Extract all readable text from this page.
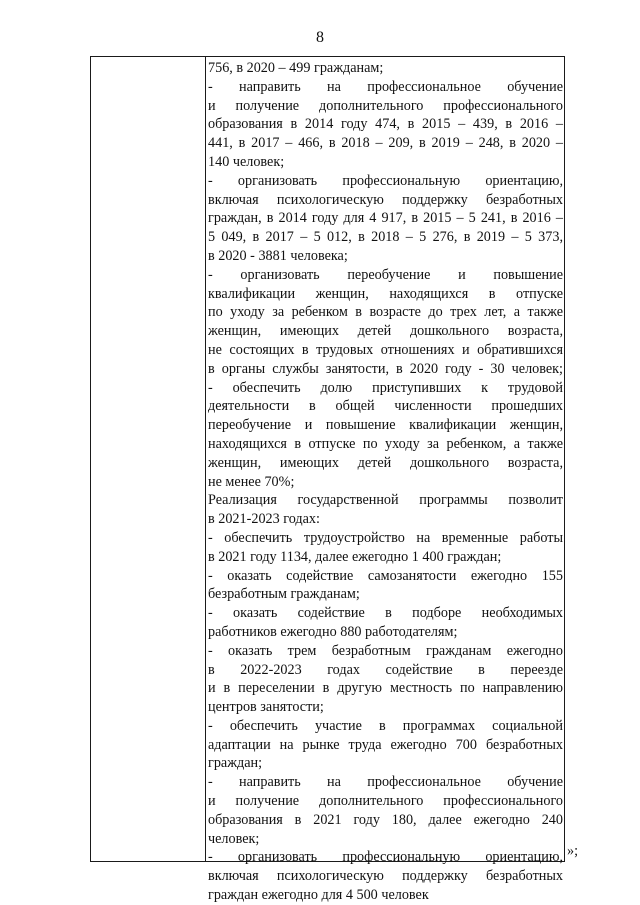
8
756, в 2020 – 499 гражданам;
- направить на профессиональное обучение
и получение дополнительного профессионального
образования в 2014 году 474, в 2015 – 439, в 2016 –
441, в 2017 – 466, в 2018 – 209, в 2019 – 248, в 2020 –
140 человек;
- организовать профессиональную ориентацию,
включая психологическую поддержку безработных
граждан, в 2014 году для 4 917, в 2015 – 5 241, в 2016 –
5 049, в 2017 – 5 012, в 2018 – 5 276, в 2019 – 5 373,
в 2020 - 3881 человека;
- организовать переобучение и повышение
квалификации женщин, находящихся в отпуске
по уходу за ребенком в возрасте до трех лет, а также
женщин, имеющих детей дошкольного возраста,
не состоящих в трудовых отношениях и обратившихся
в органы службы занятости, в 2020 году - 30 человек;
- обеспечить долю приступивших к трудовой
деятельности в общей численности прошедших
переобучение и повышение квалификации женщин,
находящихся в отпуске по уходу за ребенком, а также
женщин, имеющих детей дошкольного возраста,
не менее 70%;
Реализация государственной программы позволит
в 2021-2023 годах:
- обеспечить трудоустройство на временные работы
в 2021 году 1134, далее ежегодно 1 400 граждан;
- оказать содействие самозанятости ежегодно 155
безработным гражданам;
- оказать содействие в подборе необходимых
работников ежегодно 880 работодателям;
- оказать трем безработным гражданам ежегодно
в 2022-2023 годах содействие в переезде
и в переселении в другую местность по направлению
центров занятости;
- обеспечить участие в программах социальной
адаптации на рынке труда ежегодно 700 безработных
граждан;
- направить на профессиональное обучение
и получение дополнительного профессионального
образования в 2021 году 180, далее ежегодно 240
человек;
- организовать профессиональную ориентацию,
включая психологическую поддержку безработных
граждан ежегодно для 4 500 человек
»;
